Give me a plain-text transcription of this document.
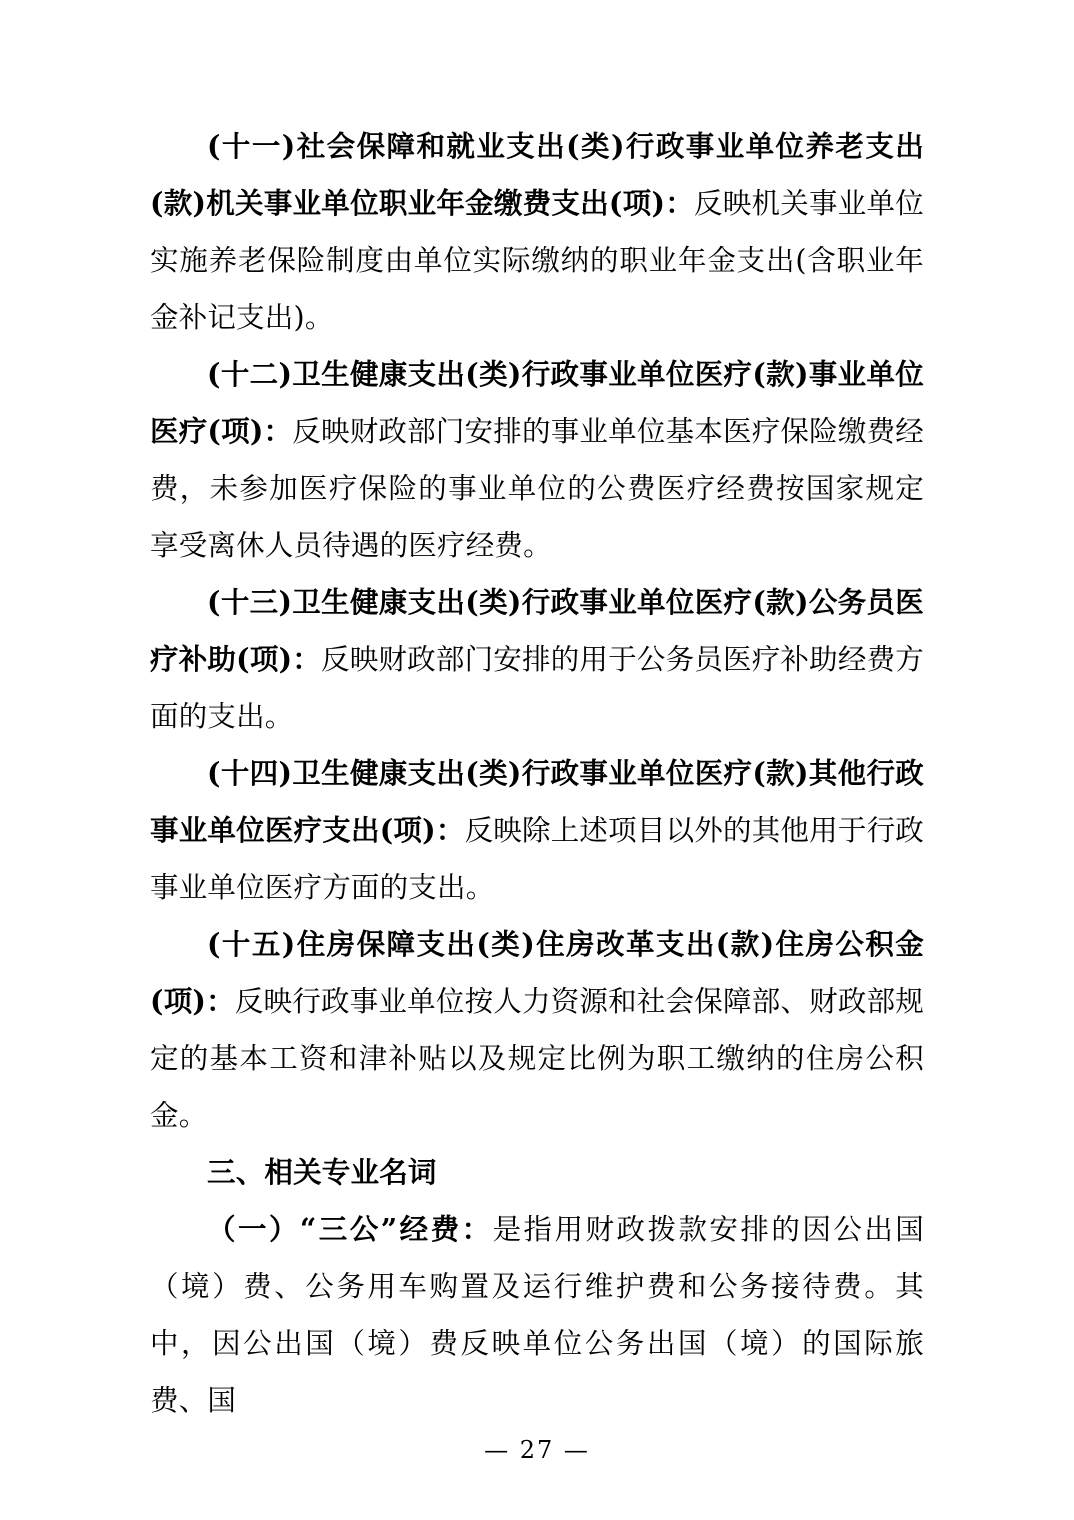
(十一)社会保障和就业支出(类)行政事业单位养老支出(款)机关事业单位职业年金缴费支出(项)：反映机关事业单位实施养老保险制度由单位实际缴纳的职业年金支出(含职业年金补记支出)。

(十二)卫生健康支出(类)行政事业单位医疗(款)事业单位医疗(项)：反映财政部门安排的事业单位基本医疗保险缴费经费，未参加医疗保险的事业单位的公费医疗经费按国家规定享受离休人员待遇的医疗经费。

(十三)卫生健康支出(类)行政事业单位医疗(款)公务员医疗补助(项)：反映财政部门安排的用于公务员医疗补助经费方面的支出。

(十四)卫生健康支出(类)行政事业单位医疗(款)其他行政事业单位医疗支出(项)：反映除上述项目以外的其他用于行政事业单位医疗方面的支出。

(十五)住房保障支出(类)住房改革支出(款)住房公积金(项)：反映行政事业单位按人力资源和社会保障部、财政部规定的基本工资和津补贴以及规定比例为职工缴纳的住房公积金。

三、相关专业名词

（一）“三公”经费：是指用财政拨款安排的因公出国（境）费、公务用车购置及运行维护费和公务接待费。其中，因公出国（境）费反映单位公务出国（境）的国际旅费、国

— 27 —
